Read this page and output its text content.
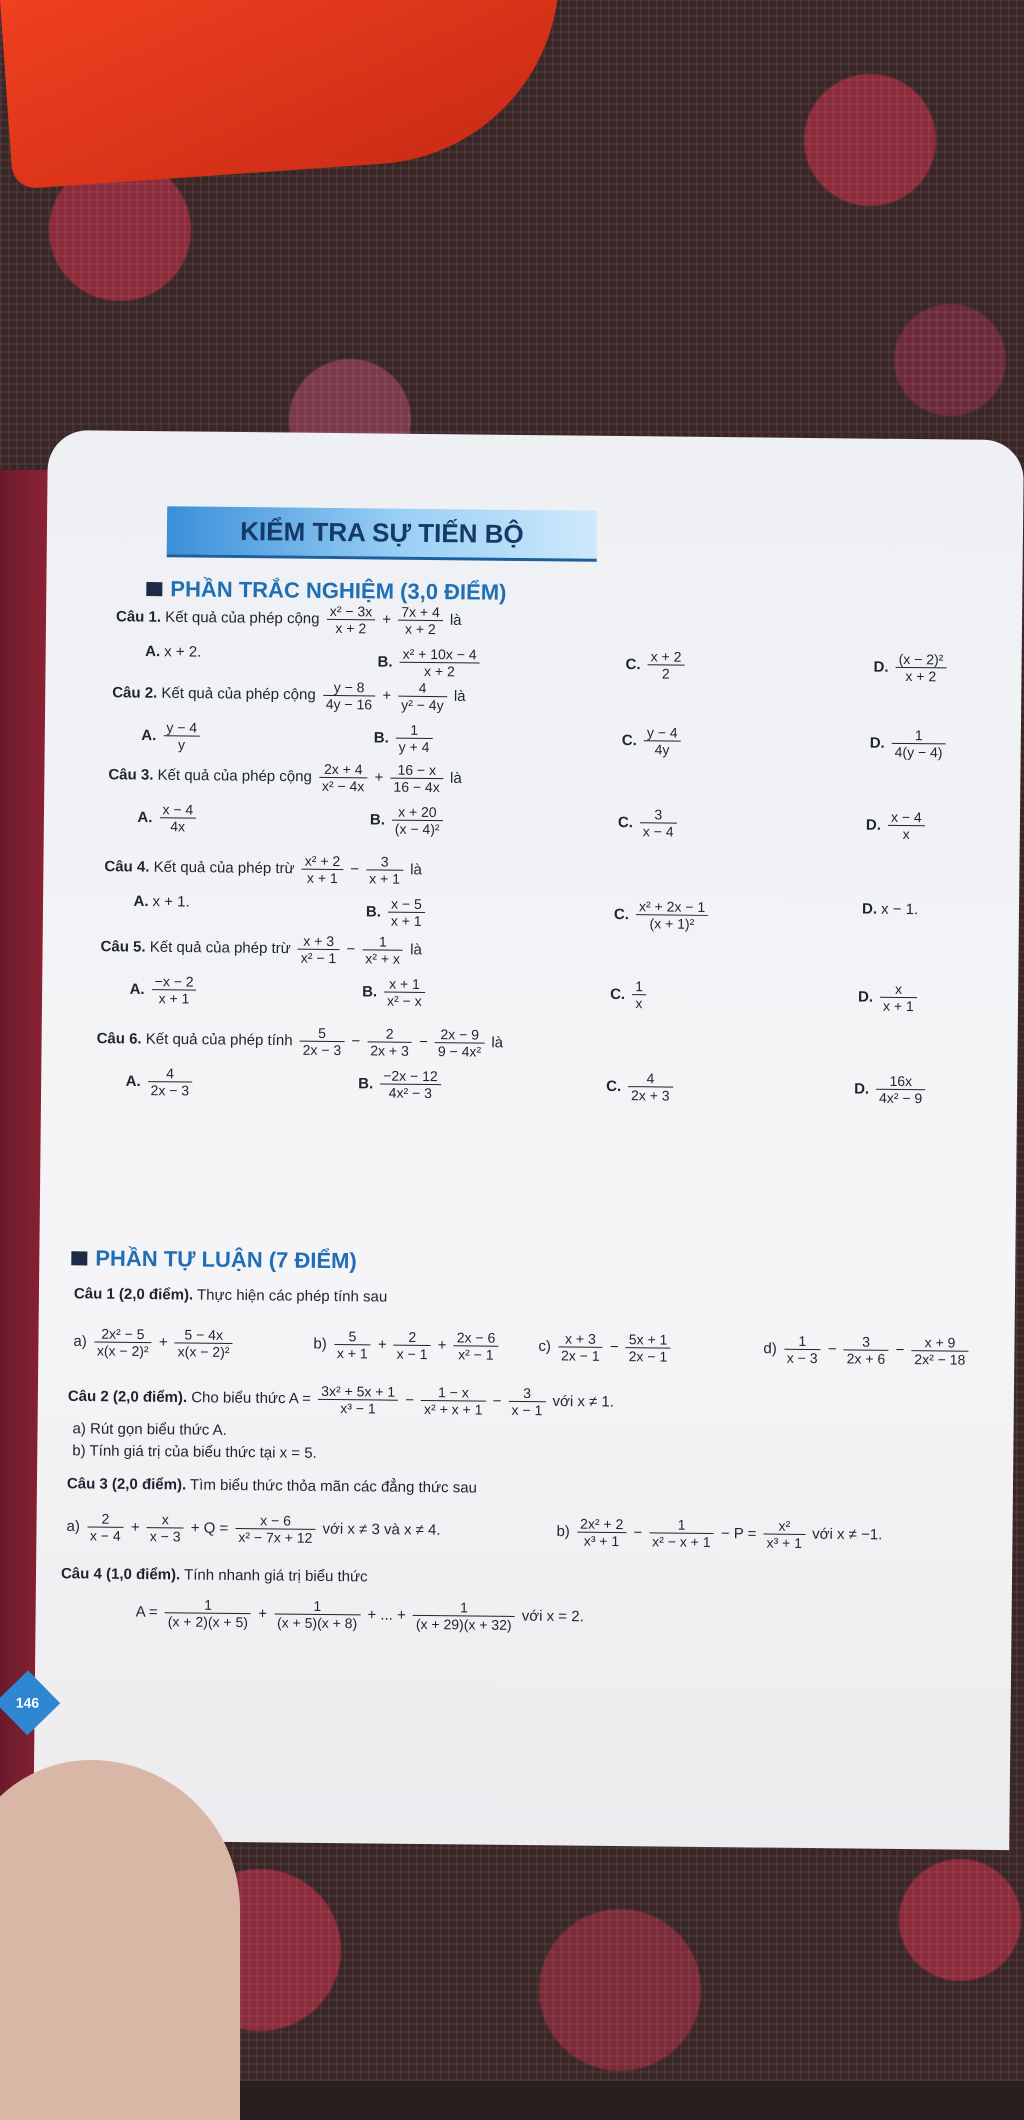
KIỂM TRA SỰ TIẾN BỘ
PHẦN TRẮC NGHIỆM (3,0 ĐIỂM)
Câu 1. Kết quả của phép cộng $\frac{\text{x² − 3x}}{x + 2} + \frac{7x + 4}{x + 2}$ là
A. x + 2.
B. $\frac{\text{x² + 10x − 4}}{x + 2}$	C. $\frac{x + 2}{2}$	D. $\frac{\text{(x − 2)²}}{x + 2}$
Câu 2. Kết quả của phép cộng $\frac{y - 8}{4y - 16} + \frac{4}{\text{y² − 4y}}$ là
A. $\frac{y - 4}{y}$	B. $\frac{1}{y + 4}$	C. $\frac{y - 4}{4y}$	D. $\frac{1}{4(y - 4)}$
Câu 3. Kết quả của phép cộng $\frac{2x + 4}{\text{x² − 4x}} + \frac{16 - x}{16 - 4x}$ là
A. $\frac{x - 4}{4x}$	B. $\frac{x + 20}{\text{(x − 4)²}}$	C. $\frac{3}{x - 4}$	D. $\frac{x - 4}{x}$
Câu 4. Kết quả của phép trừ $\frac{\text{x² + 2}}{x + 1} - \frac{3}{x + 1}$ là
A. x + 1.
B. $\frac{x - 5}{x + 1}$	C. $\frac{\text{x² + 2x − 1}}{\text{(x + 1)²}}$	D. x − 1.
Câu 5. Kết quả của phép trừ $\frac{x + 3}{\text{x² − 1}} - \frac{1}{\text{x² + x}}$ là
A. $\frac{-x - 2}{x + 1}$	B. $\frac{x + 1}{\text{x² − x}}$	C. $\frac{1}{x}$	D. $\frac{x}{x + 1}$
Câu 6. Kết quả của phép tính $\frac{5}{2x - 3} - \frac{2}{2x + 3} - \frac{2x - 9}{\text{9 − 4x²}}$ là
A. $\frac{4}{2x - 3}$	B. $\frac{-2x - 12}{\text{4x² − 3}}$	C. $\frac{4}{2x + 3}$	D. $\frac{16x}{\text{4x² − 9}}$
PHẦN TỰ LUẬN (7 ĐIỂM)
Câu 1 (2,0 điểm). Thực hiện các phép tính sau
$a) \frac{\text{2x² − 5}}{\text{x(x − 2)²}} + \frac{5 - 4x}{\text{x(x − 2)²}}$	$b) \frac{5}{x + 1} + \frac{2}{x - 1} + \frac{2x - 6}{\text{x² − 1}}$	$c) \frac{x + 3}{2x - 1} - \frac{5x + 1}{2x - 1}$	$d) \frac{1}{x - 3} - \frac{3}{2x + 6} - \frac{x + 9}{\text{2x² − 18}}$
Câu 2 (2,0 điểm). Cho biểu thức $A = \frac{\text{3x² + 5x + 1}}{\text{x³ − 1}} - \frac{1 - x}{\text{x² + x + 1}} - \frac{3}{x - 1}$ với x ≠ 1.
a) Rút gọn biểu thức A.
b) Tính giá trị của biểu thức tại x = 5.
Câu 3 (2,0 điểm). Tìm biểu thức thỏa mãn các đẳng thức sau
$a) \frac{2}{x - 4} + \frac{x}{x - 3} + Q = \frac{x - 6}{\text{x² − 7x + 12}}$ với x ≠ 3 và x ≠ 4.	$b) \frac{\text{2x² + 2}}{\text{x³ + 1}} - \frac{1}{\text{x² − x + 1}} - P = \frac{\text{x²}}{\text{x³ + 1}}$ với x ≠ −1.
Câu 4 (1,0 điểm). Tính nhanh giá trị biểu thức
$A = \frac{1}{(x + 2)(x + 5)} + \frac{1}{(x + 5)(x + 8)}$ + ... + $\frac{1}{(x + 29)(x + 32)}$ với x = 2.
146
